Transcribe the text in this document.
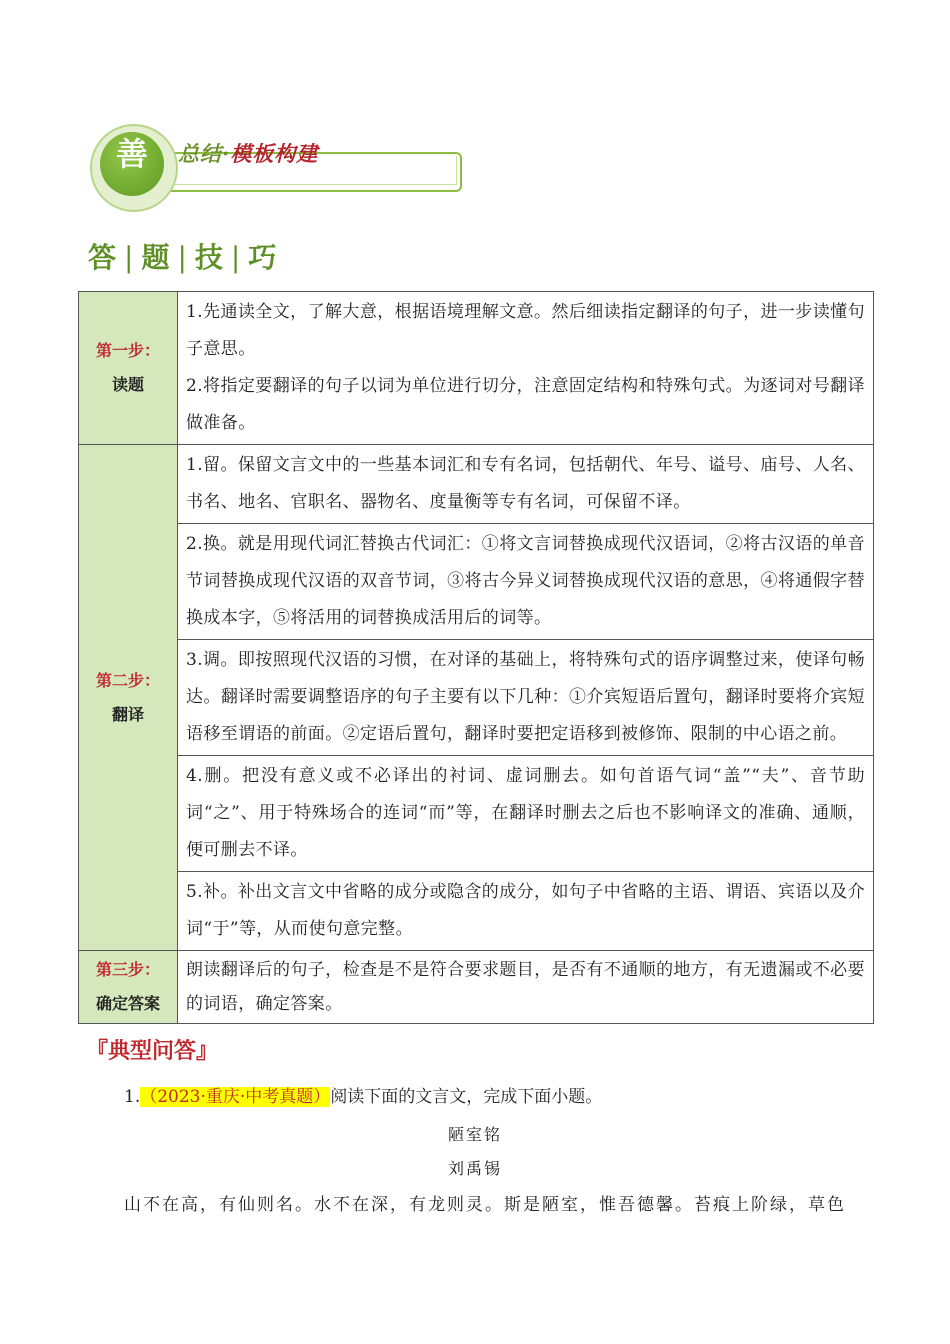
善	总结·模板构建
答 | 题 | 技 | 巧
第一步：
读题	1.先通读全文，了解大意，根据语境理解文意。然后细读指定翻译的句子，进一步读懂句子意思。
2.将指定要翻译的句子以词为单位进行切分，注意固定结构和特殊句式。为逐词对号翻译做准备。

第二步：
翻译	1.留。保留文言文中的一些基本词汇和专有名词，包括朝代、年号、谥号、庙号、人名、书名、地名、官职名、器物名、度量衡等专有名词，可保留不译。
	2.换。就是用现代词汇替换古代词汇：①将文言词替换成现代汉语词，②将古汉语的单音节词替换成现代汉语的双音节词，③将古今异义词替换成现代汉语的意思，④将通假字替换成本字，⑤将活用的词替换成活用后的词等。
	3.调。即按照现代汉语的习惯，在对译的基础上，将特殊句式的语序调整过来，使译句畅达。翻译时需要调整语序的句子主要有以下几种：①介宾短语后置句，翻译时要将介宾短语移至谓语的前面。②定语后置句，翻译时要把定语移到被修饰、限制的中心语之前。
	4.删。把没有意义或不必译出的衬词、虚词删去。如句首语气词“盖”“夫”、音节助词“之”、用于特殊场合的连词“而”等，在翻译时删去之后也不影响译文的准确、通顺，便可删去不译。
	5.补。补出文言文中省略的成分或隐含的成分，如句子中省略的主语、谓语、宾语以及介词“于”等，从而使句意完整。

第三步：
确定答案	朗读翻译后的句子，检查是不是符合要求题目，是否有不通顺的地方，有无遗漏或不必要的词语，确定答案。
『典型问答』
1.（2023·重庆·中考真题）阅读下面的文言文，完成下面小题。
陋室铭
刘禹锡
山不在高，有仙则名。水不在深，有龙则灵。斯是陋室，惟吾德馨。苔痕上阶绿，草色
